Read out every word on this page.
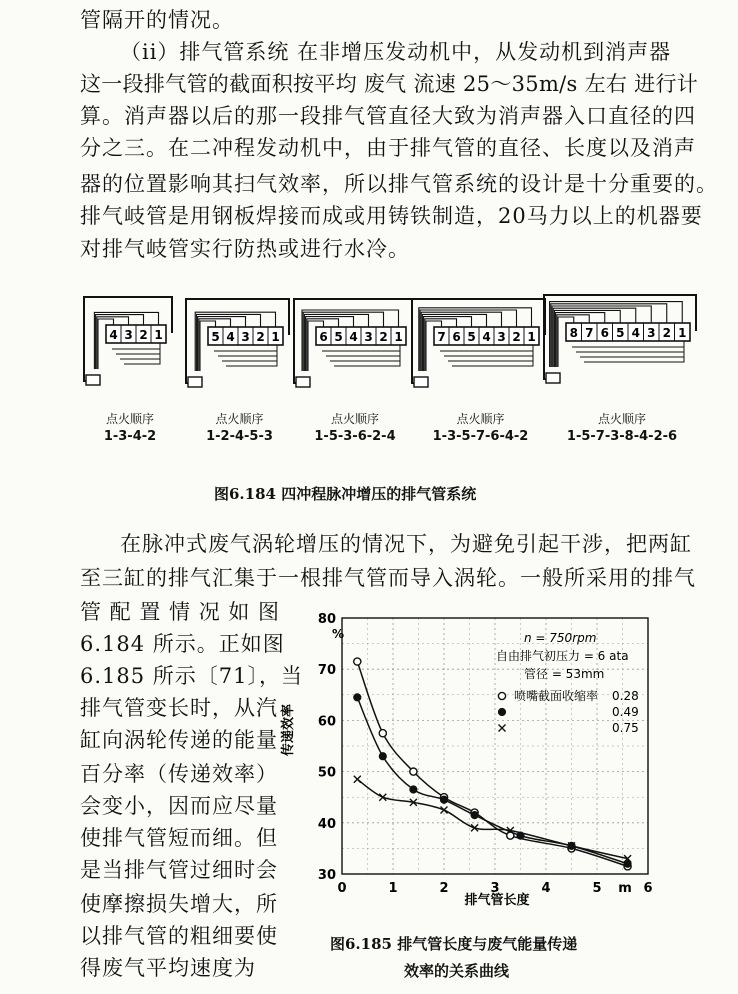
管隔开的情况。
（ii）排气管系统 在非增压发动机中，从发动机到消声器
这一段排气管的截面积按平均 废气 流速 25～35m/s 左右 进行计
算。消声器以后的那一段排气管直径大致为消声器入口直径的四
分之三。在二冲程发动机中，由于排气管的直径、长度以及消声
器的位置影响其扫气效率，所以排气管系统的设计是十分重要的。
排气岐管是用钢板焊接而成或用铸铁制造，20马力以上的机器要
对排气岐管实行防热或进行水冷。
4 3 2 1
点火顺序
1-3-4-2
5 4 3 2 1
点火顺序
1-2-4-5-3
6 5 4 3 2 1
点火顺序
1-5-3-6-2-4
7 6 5 4 3 2 1
点火顺序
1-3-5-7-6-4-2
8 7 6 5 4 3 2 1
点火顺序
1-5-7-3-8-4-2-6
图6.184 四冲程脉冲增压的排气管系统
在脉冲式废气涡轮增压的情况下，为避免引起干涉，把两缸
至三缸的排气汇集于一根排气管而导入涡轮。一般所采用的排气
管 配 置 情 况 如 图
6.184 所示。正如图
6.185 所示〔71〕，当
排气管变长时，从汽
缸向涡轮传递的能量
百分率（传递效率）
会变小，因而应尽量
使排气管短而细。但
是当排气管过细时会
使摩擦损失增大，所
以排气管的粗细要使
得废气平均速度为
30
40
50
60
70
80
0	1	2	3	4	5 m 6
%
传递效率
排气管长度
n = 750rpm
自由排气初压力 = 6 ata
管径 = 53mm
喷嘴截面收缩率 0.28
0.49
0.75
图6.185 排气管长度与废气能量传递
效率的关系曲线
